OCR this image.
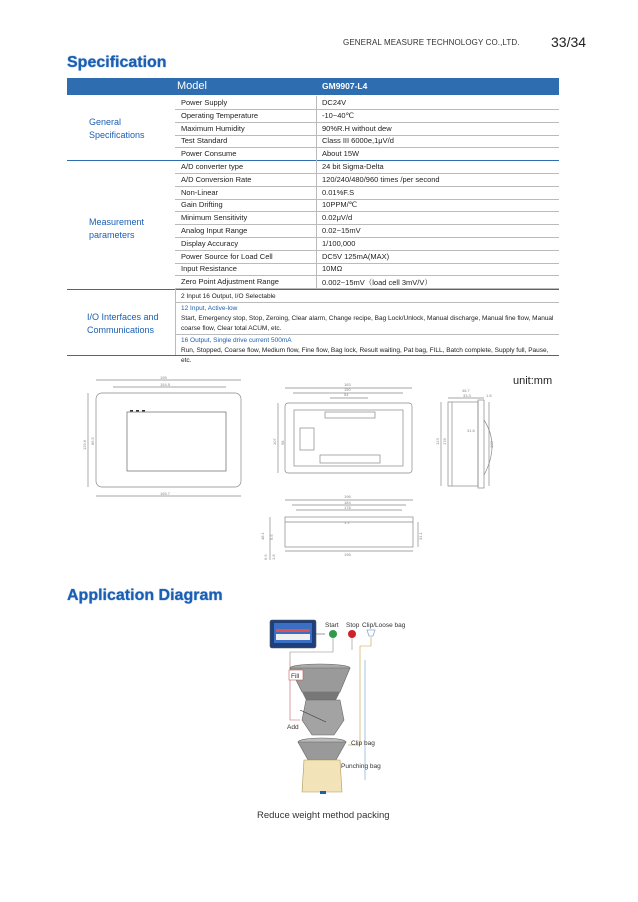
GENERAL MEASURE TECHNOLOGY CO.,LTD. 33/34
Specification
Model	GM9907-L4
General Specifications
Power Supply	DC24V
Operating Temperature	-10~40℃
Maximum Humidity	90%R.H without dew
Test Standard	Class III 6000e,1μV/d
Power Consume	About 15W
Measurement parameters
A/D converter type	24 bit Sigma-Delta
A/D Conversion Rate	120/240/480/960 times /per second
Non-Linear	0.01%F.S
Gain Drifting	10PPM/℃
Minimum Sensitivity	0.02μV/d
Analog Input Range	0.02~15mV
Display Accuracy	1/100,000
Power Source for Load Cell	DC5V 125mA(MAX)
Input Resistance	10MΩ
Zero Point Adjustment Range	0.002~15mV（load cell 3mV/V）
I/O Interfaces and Communications
2 Input 16 Output, I/O Selectable
12 Input, Active-low
Start, Emergency stop, Stop, Zeroing, Clear alarm, Change recipe, Bag Lock/Unlock, Manual discharge, Manual fine flow, Manual coarse flow, Clear total ACUM, etc.
16 Output, Single drive current 500mA
Run, Stopped, Coarse flow, Medium flow, Fine flow, Bag lock, Result waiting, Pat bag, FILL, Batch complete, Supply full, Pause, etc.
unit:mm
195
154.5
165.7
129.6 86.5
183
150
54
107 98
46.7
33.3	1.8
31.6
123 178	100
196
184
178
1.1
196
48.1 6.5
6.9 1.8
31.1
Application Diagram
Start Stop Clip/Loose bag
Fill
Add
Clip bag
Punching bag
Reduce weight method packing
